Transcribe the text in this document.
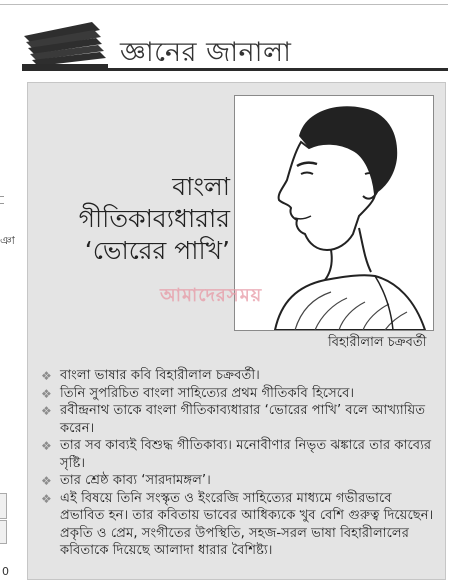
ঞা
0
জ্ঞানের জানালা
বাংলা
গীতিকাব্যধারার
‘ভোরের পাখি’
আমাদেরসময়
বিহারীলাল চক্রবর্তী
❖ বাংলা ভাষার কবি বিহারীলাল চক্রবর্তী।
❖ তিনি সুপরিচিত বাংলা সাহিত্যের প্রথম গীতিকবি হিসেবে।
❖ রবীন্দ্রনাথ তাকে বাংলা গীতিকাব্যধারার ‘ভোরের পাখি’ বলে আখ্যায়িত করেন।
❖ তার সব কাব্যই বিশুদ্ধ গীতিকাব্য। মনোবীণার নিভৃত ঝঙ্কারে তার কাব্যের সৃষ্টি।
❖ তার শ্রেষ্ঠ কাব্য ‘সারদামঙ্গল’।
❖ এই বিষয়ে তিনি সংস্কৃত ও ইংরেজি সাহিত্যের মাধ্যমে গভীরভাবে প্রভাবিত হন। তার কবিতায় ভাবের আধিক্যকে খুব বেশি গুরুত্ব দিয়েছেন। প্রকৃতি ও প্রেম, সংগীতের উপস্থিতি, সহজ-সরল ভাষা বিহারীলালের কবিতাকে দিয়েছে আলাদা ধারার বৈশিষ্ট্য।
